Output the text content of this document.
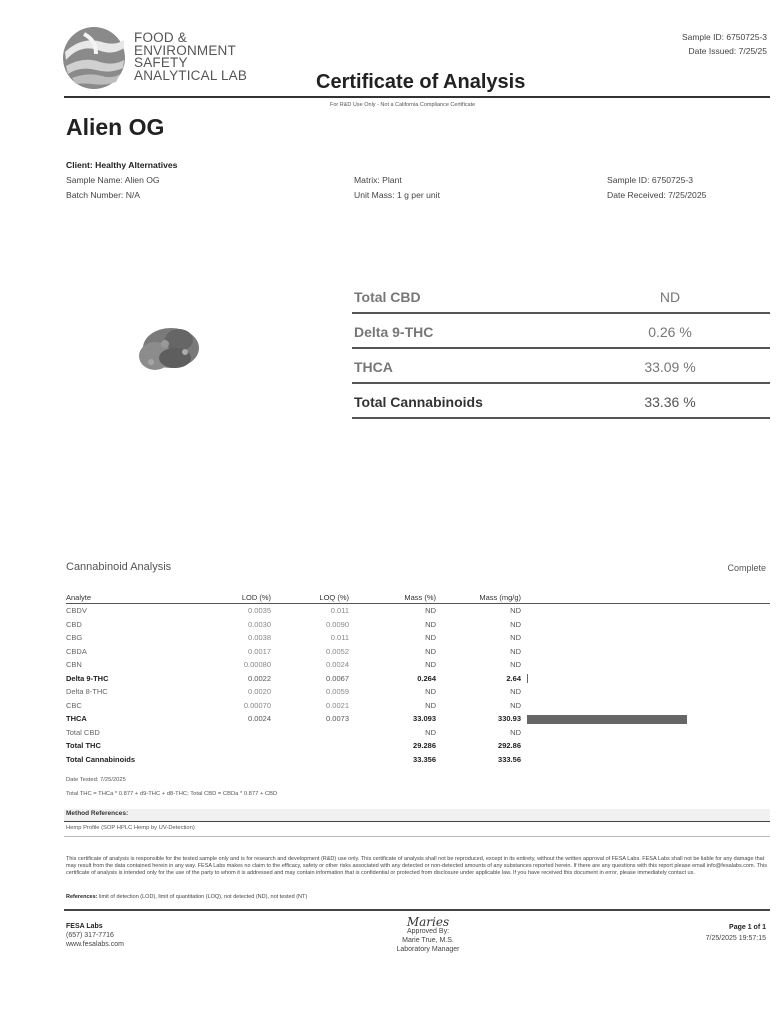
FOOD &
ENVIRONMENT
SAFETY
ANALYTICAL LAB
Sample ID: 6750725-3
Date Issued: 7/25/25
Certificate of Analysis
For R&D Use Only - Not a California Compliance Certificate
Alien OG
Client: Healthy Alternatives
Sample Name: Alien OG
Batch Number: N/A
Matrix: Plant
Unit Mass: 1 g per unit
Sample ID: 6750725-3
Date Received: 7/25/2025
Total CBD	ND
Delta 9-THC	0.26 %
THCA	33.09 %
Total Cannabinoids	33.36 %
Cannabinoid Analysis	Complete
Analyte	LOD (%)	LOQ (%)	Mass (%)	Mass (mg/g)	
CBDV	0.0035	0.011	ND	ND	
CBD	0.0030	0.0090	ND	ND	
CBG	0.0038	0.011	ND	ND	
CBDA	0.0017	0.0052	ND	ND	
CBN	0.00080	0.0024	ND	ND	
Delta 9-THC	0.0022	0.0067	0.264	2.64	
Delta 8-THC	0.0020	0.0059	ND	ND	
CBC	0.00070	0.0021	ND	ND	
THCA	0.0024	0.0073	33.093	330.93	
Total CBD			ND	ND	
Total THC			29.286	292.86	
Total Cannabinoids			33.356	333.56	
Date Tested: 7/25/2025
Total THC = THCa * 0.877 + d9-THC + d8-THC; Total CBD = CBDa * 0.877 + CBD
Method References:
Hemp Profile (SOP HPLC Hemp by UV-Detection)
This certificate of analysis is responsible for the tested sample only and is for research and development (R&D) use only. This certificate of analysis shall not be reproduced, except in its entirety, without the written approval of FESA Labs. FESA Labs shall not be liable for any damage that may result from the data contained herein in any way. FESA Labs makes no claim to the efficacy, safety or other risks associated with any detected or non-detected amounts of any substances reported herein. If there are any questions with this report please email info@fesalabs.com. This certificate of analysis is intended only for the use of the party to whom it is addressed and may contain information that is confidential or protected from disclosure under applicable law. If you have received this document in error, please immediately contact us.
References: limit of detection (LOD), limit of quantitation (LOQ), not detected (ND), not tested (NT)
FESA Labs
(657) 317-7716
www.fesalabs.com
Maries
Approved By:
Marie True, M.S.
Laboratory Manager
Page 1 of 1
7/25/2025 19:57:15
